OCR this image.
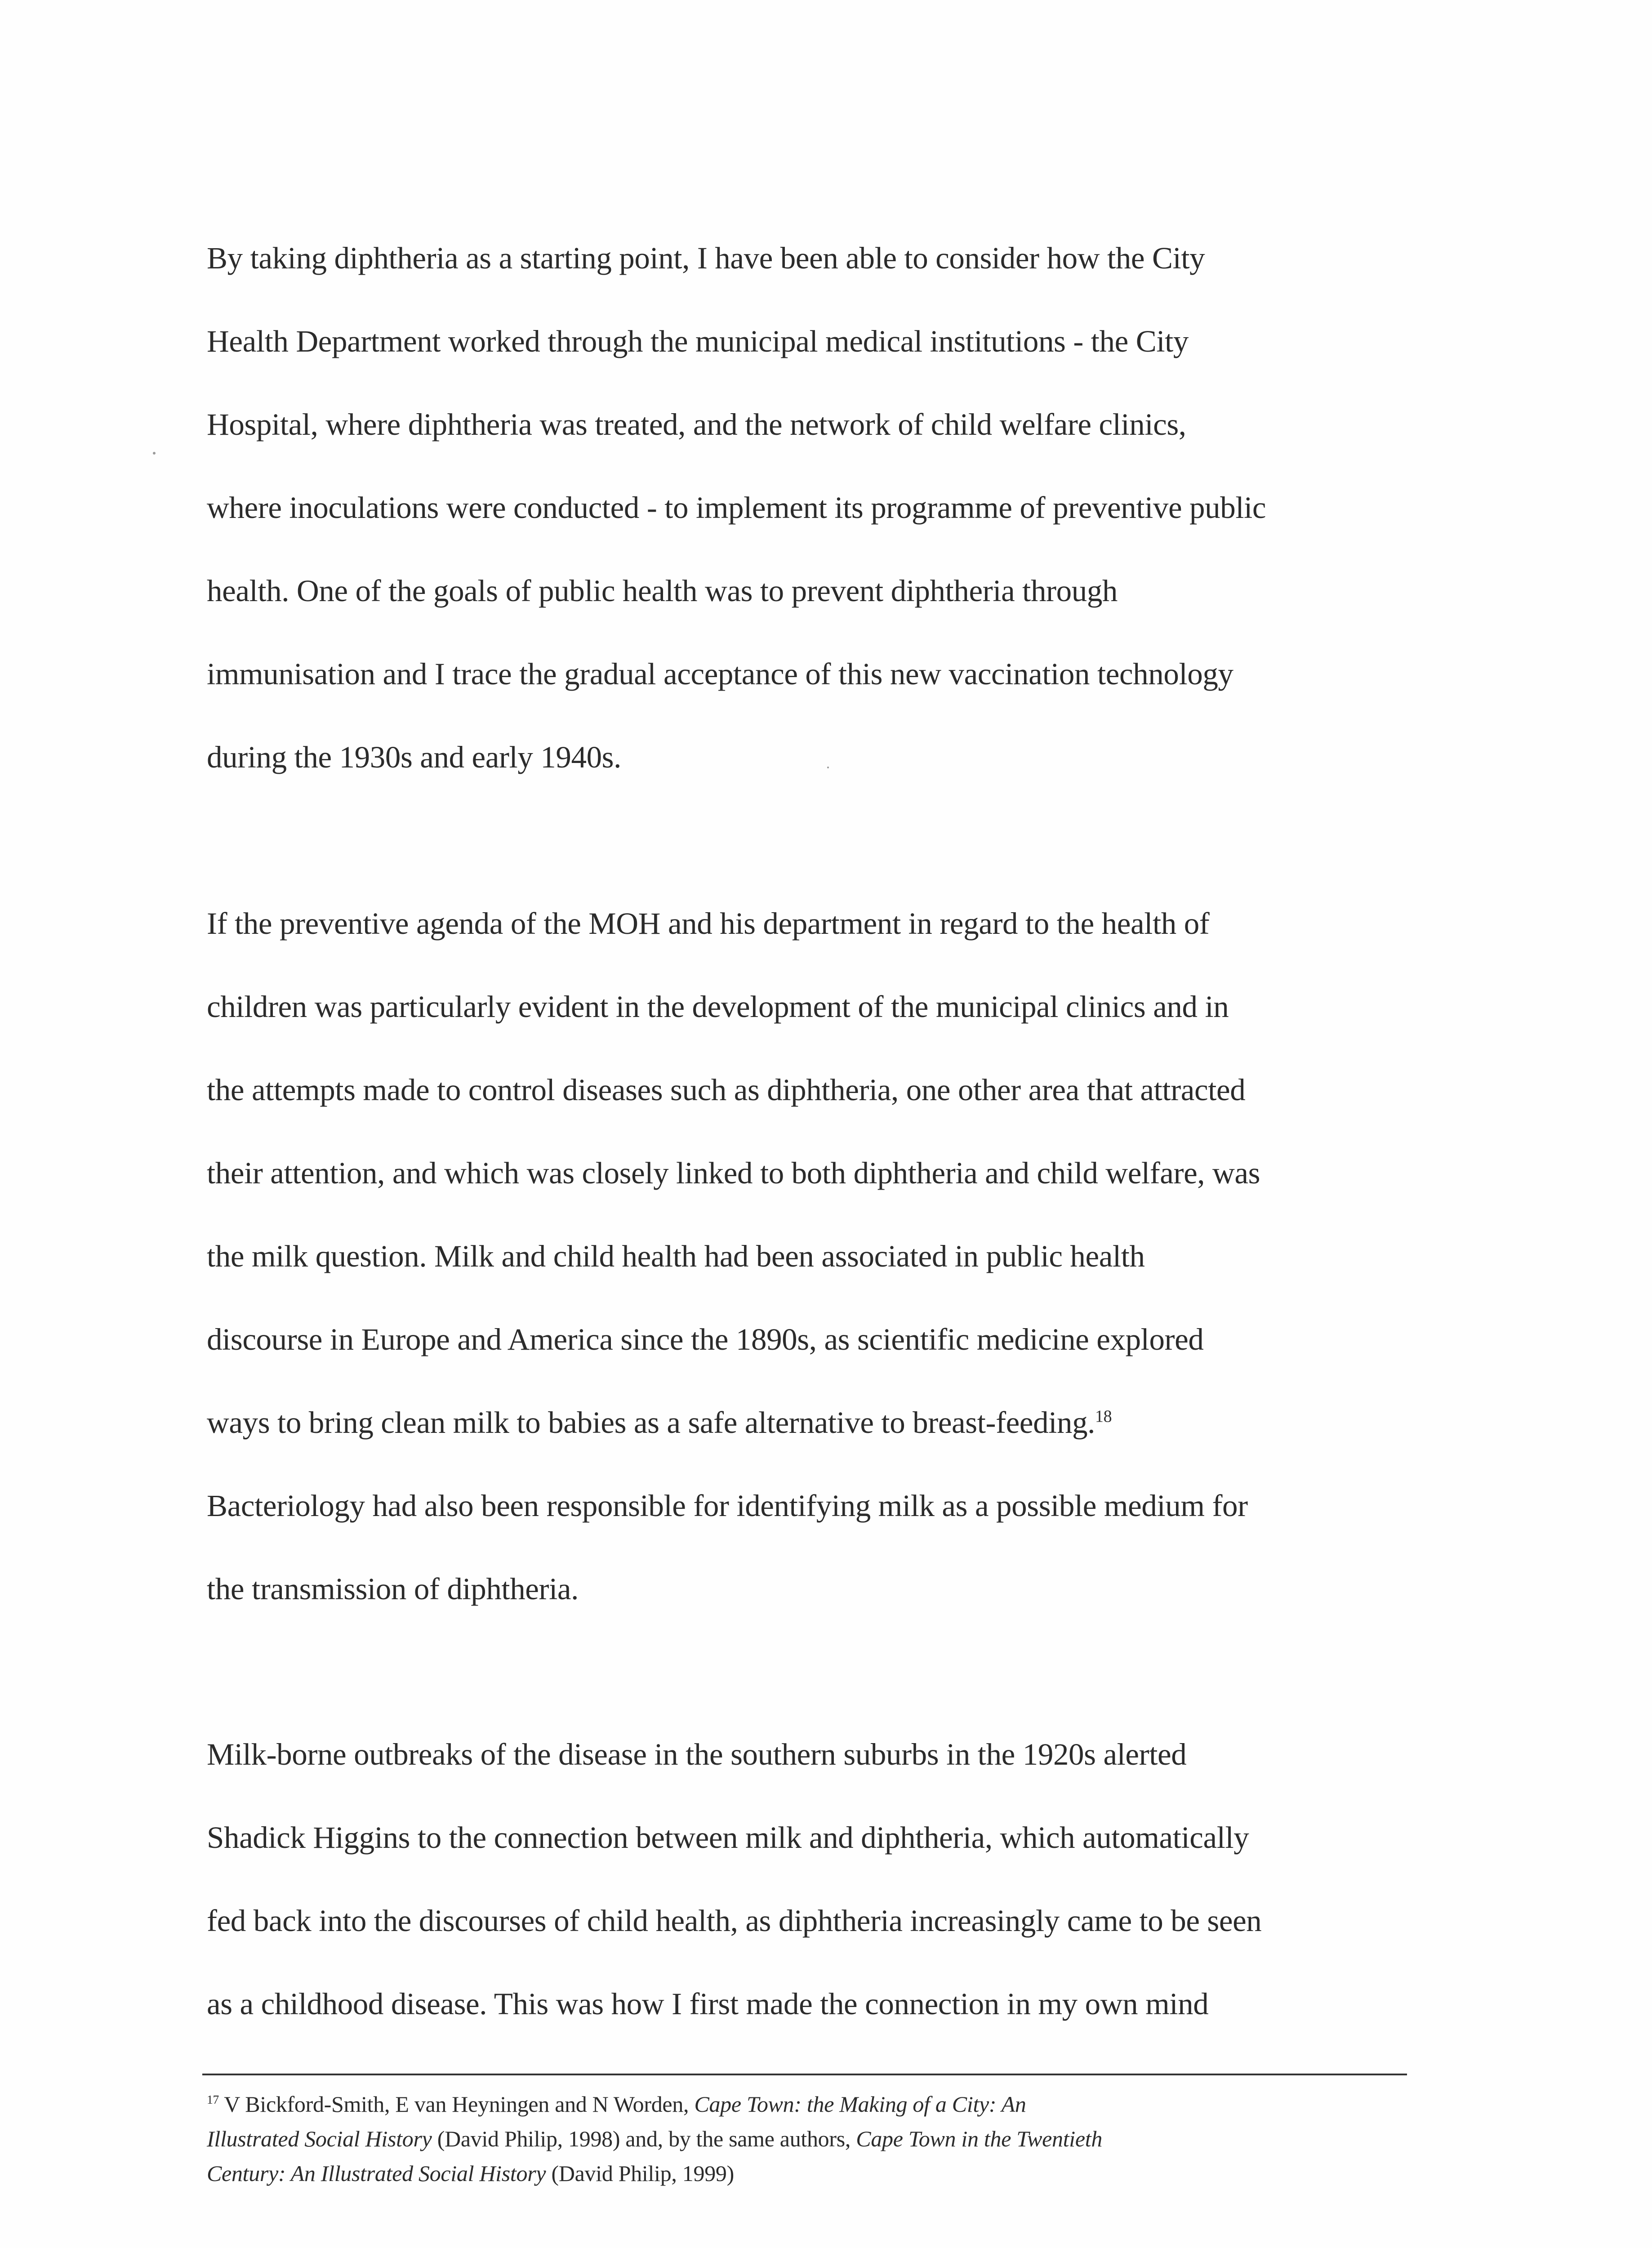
By taking diphtheria as a starting point, I have been able to consider how the City
Health Department worked through the municipal medical institutions - the City
Hospital, where diphtheria was treated, and the network of child welfare clinics,
where inoculations were conducted - to implement its programme of preventive public
health. One of the goals of public health was to prevent diphtheria through
immunisation and I trace the gradual acceptance of this new vaccination technology
during the 1930s and early 1940s.
If the preventive agenda of the MOH and his department in regard to the health of
children was particularly evident in the development of the municipal clinics and in
the attempts made to control diseases such as diphtheria, one other area that attracted
their attention, and which was closely linked to both diphtheria and child welfare, was
the milk question. Milk and child health had been associated in public health
discourse in Europe and America since the 1890s, as scientific medicine explored
ways to bring clean milk to babies as a safe alternative to breast-feeding.$^{18}$
Bacteriology had also been responsible for identifying milk as a possible medium for
the transmission of diphtheria.
Milk-borne outbreaks of the disease in the southern suburbs in the 1920s alerted
Shadick Higgins to the connection between milk and diphtheria, which automatically
fed back into the discourses of child health, as diphtheria increasingly came to be seen
as a childhood disease. This was how I first made the connection in my own mind
$^{17}$ V Bickford-Smith, E van Heyningen and N Worden, Cape Town: the Making of a City: An
Illustrated Social History (David Philip, 1998) and, by the same authors, Cape Town in the Twentieth
Century: An Illustrated Social History (David Philip, 1999)
